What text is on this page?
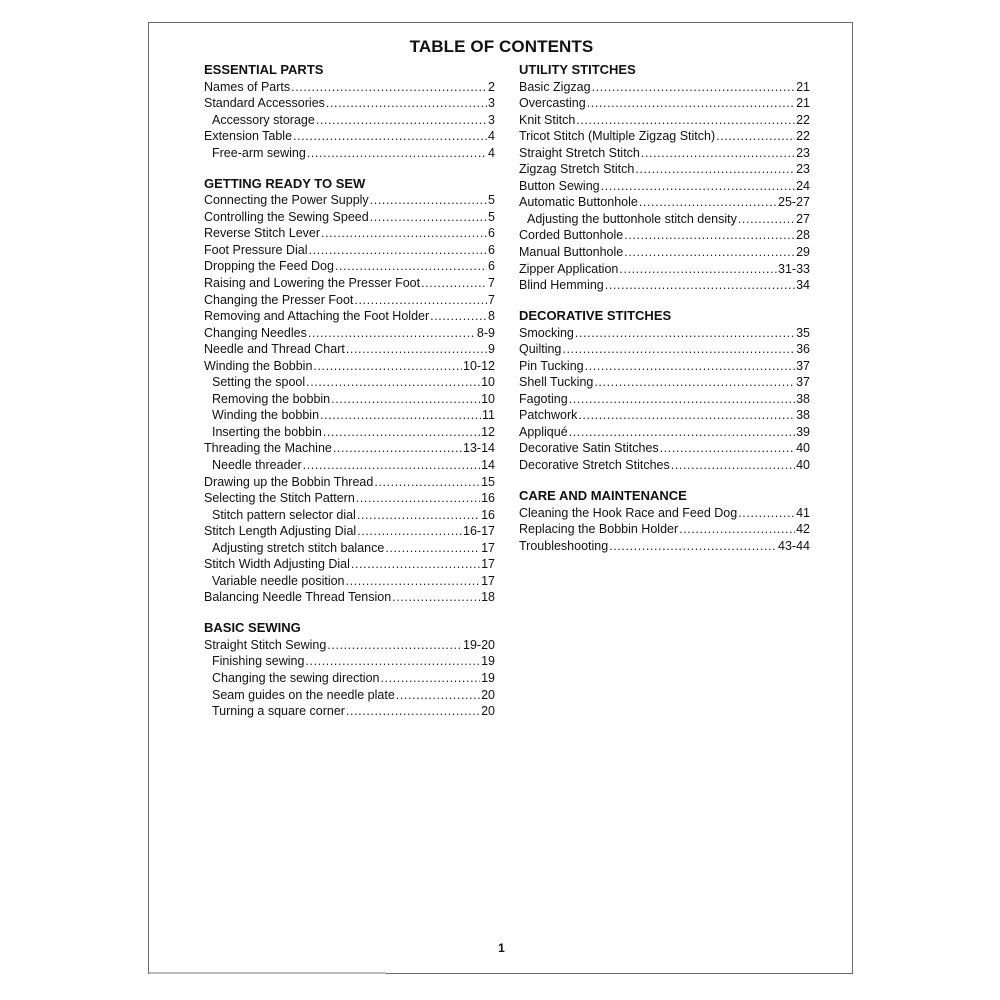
TABLE OF CONTENTS
ESSENTIAL PARTS
Names of Parts .....	2
Standard Accessories .....	3
Accessory storage .....	3
Extension Table .....	4
Free-arm sewing .....	4
GETTING READY TO SEW
Connecting the Power Supply .....	5
Controlling the Sewing Speed .....	5
Reverse Stitch Lever .....	6
Foot Pressure Dial .....	6
Dropping the Feed Dog .....	6
Raising and Lowering the Presser Foot .....	7
Changing the Presser Foot .....	7
Removing and Attaching the Foot Holder .....	8
Changing Needles .....	8-9
Needle and Thread Chart .....	9
Winding the Bobbin .....	10-12
Setting the spool .....	10
Removing the bobbin .....	10
Winding the bobbin .....	11
Inserting the bobbin .....	12
Threading the Machine .....	13-14
Needle threader .....	14
Drawing up the Bobbin Thread .....	15
Selecting the Stitch Pattern .....	16
Stitch pattern selector dial .....	16
Stitch Length Adjusting Dial .....	16-17
Adjusting stretch stitch balance .....	17
Stitch Width Adjusting Dial .....	17
Variable needle position .....	17
Balancing Needle Thread Tension .....	18
BASIC SEWING
Straight Stitch Sewing .....	19-20
Finishing sewing .....	19
Changing the sewing direction .....	19
Seam guides on the needle plate .....	20
Turning a square corner .....	20
UTILITY STITCHES
Basic Zigzag .....	21
Overcasting .....	21
Knit Stitch .....	22
Tricot Stitch (Multiple Zigzag Stitch) .....	22
Straight Stretch Stitch .....	23
Zigzag Stretch Stitch .....	23
Button Sewing .....	24
Automatic Buttonhole .....	25-27
Adjusting the buttonhole stitch density .....	27
Corded Buttonhole .....	28
Manual Buttonhole .....	29
Zipper Application .....	31-33
Blind Hemming .....	34
DECORATIVE STITCHES
Smocking .....	35
Quilting .....	36
Pin Tucking .....	37
Shell Tucking .....	37
Fagoting .....	38
Patchwork .....	38
Appliqué .....	39
Decorative Satin Stitches .....	40
Decorative Stretch Stitches .....	40
CARE AND MAINTENANCE
Cleaning the Hook Race and Feed Dog .....	41
Replacing the Bobbin Holder .....	42
Troubleshooting .....	43-44
1
